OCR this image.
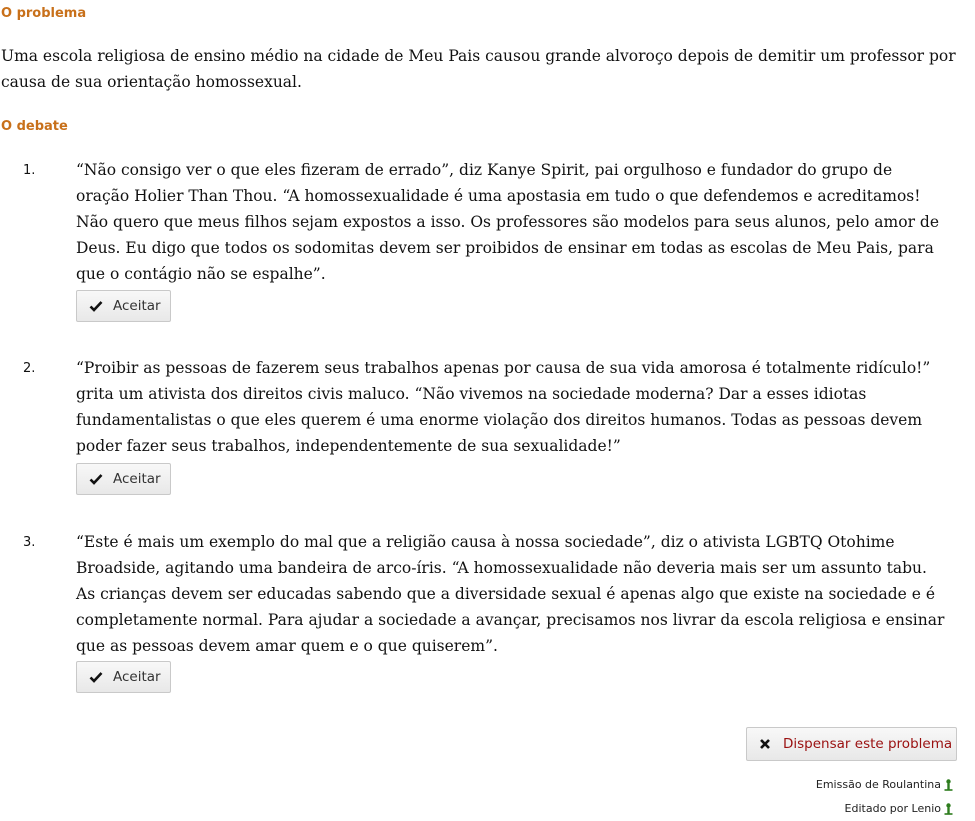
O problema

Uma escola religiosa de ensino médio na cidade de Meu Pais causou grande alvoroço depois de demitir um professor por causa de sua orientação homossexual.

O debate
1.	“Não consigo ver o que eles fizeram de errado”, diz Kanye Spirit, pai orgulhoso e fundador do grupo de oração Holier Than Thou. “A homossexualidade é uma apostasia em tudo o que defendemos e acreditamos! Não quero que meus filhos sejam expostos a isso. Os professores são modelos para seus alunos, pelo amor de Deus. Eu digo que todos os sodomitas devem ser proibidos de ensinar em todas as escolas de Meu Pais, para que o contágio não se espalhe”.

Aceitar
2.	“Proibir as pessoas de fazerem seus trabalhos apenas por causa de sua vida amorosa é totalmente ridículo!” grita um ativista dos direitos civis maluco. “Não vivemos na sociedade moderna? Dar a esses idiotas fundamentalistas o que eles querem é uma enorme violação dos direitos humanos. Todas as pessoas devem poder fazer seus trabalhos, independentemente de sua sexualidade!”

Aceitar
3.	“Este é mais um exemplo do mal que a religião causa à nossa sociedade”, diz o ativista LGBTQ Otohime Broadside, agitando uma bandeira de arco-íris. “A homossexualidade não deveria mais ser um assunto tabu. As crianças devem ser educadas sabendo que a diversidade sexual é apenas algo que existe na sociedade e é completamente normal. Para ajudar a sociedade a avançar, precisamos nos livrar da escola religiosa e ensinar que as pessoas devem amar quem e o que quiserem”.

Aceitar
Dispensar este problema
Emissão de Roulantina
Editado por Lenio
